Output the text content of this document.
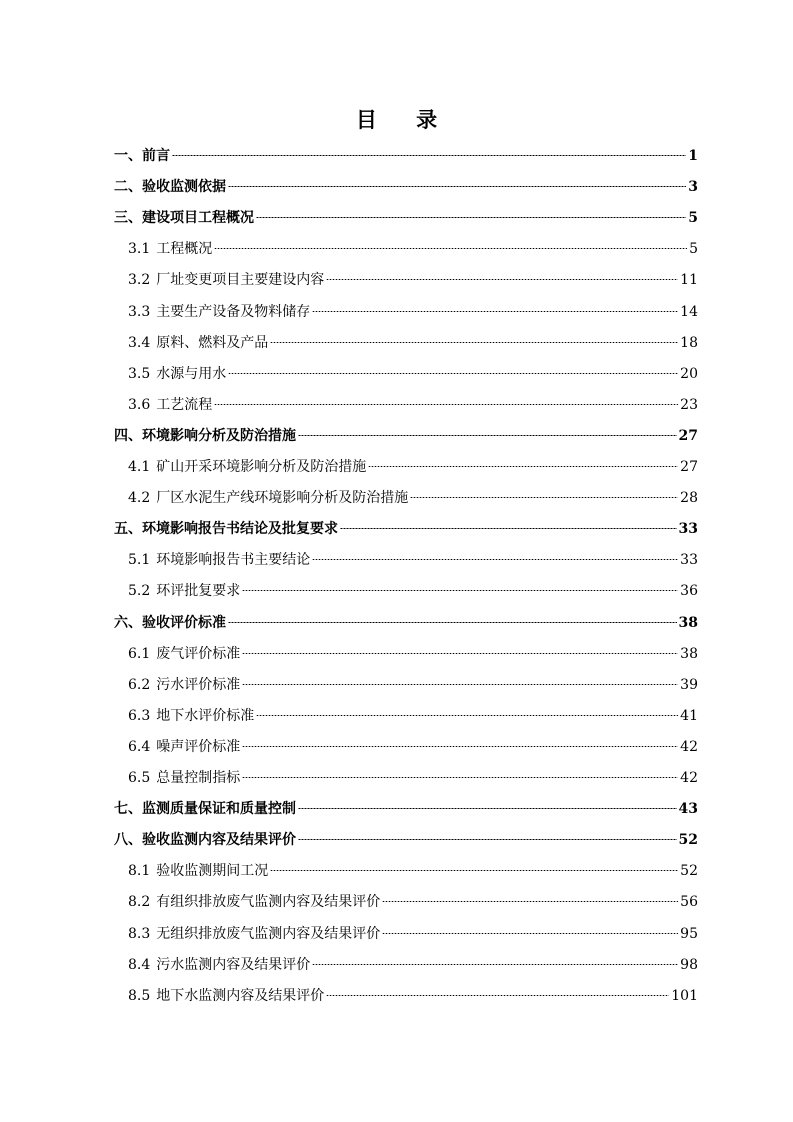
目 录
一、前言	1
二、验收监测依据	3
三、建设项目工程概况	5
3.1 工程概况	5
3.2 厂址变更项目主要建设内容	11
3.3 主要生产设备及物料储存	14
3.4 原料、燃料及产品	18
3.5 水源与用水	20
3.6 工艺流程	23
四、环境影响分析及防治措施	27
4.1 矿山开采环境影响分析及防治措施	27
4.2 厂区水泥生产线环境影响分析及防治措施	28
五、环境影响报告书结论及批复要求	33
5.1 环境影响报告书主要结论	33
5.2 环评批复要求	36
六、验收评价标准	38
6.1 废气评价标准	38
6.2 污水评价标准	39
6.3 地下水评价标准	41
6.4 噪声评价标准	42
6.5 总量控制指标	42
七、监测质量保证和质量控制	43
八、验收监测内容及结果评价	52
8.1 验收监测期间工况	52
8.2 有组织排放废气监测内容及结果评价	56
8.3 无组织排放废气监测内容及结果评价	95
8.4 污水监测内容及结果评价	98
8.5 地下水监测内容及结果评价	101
